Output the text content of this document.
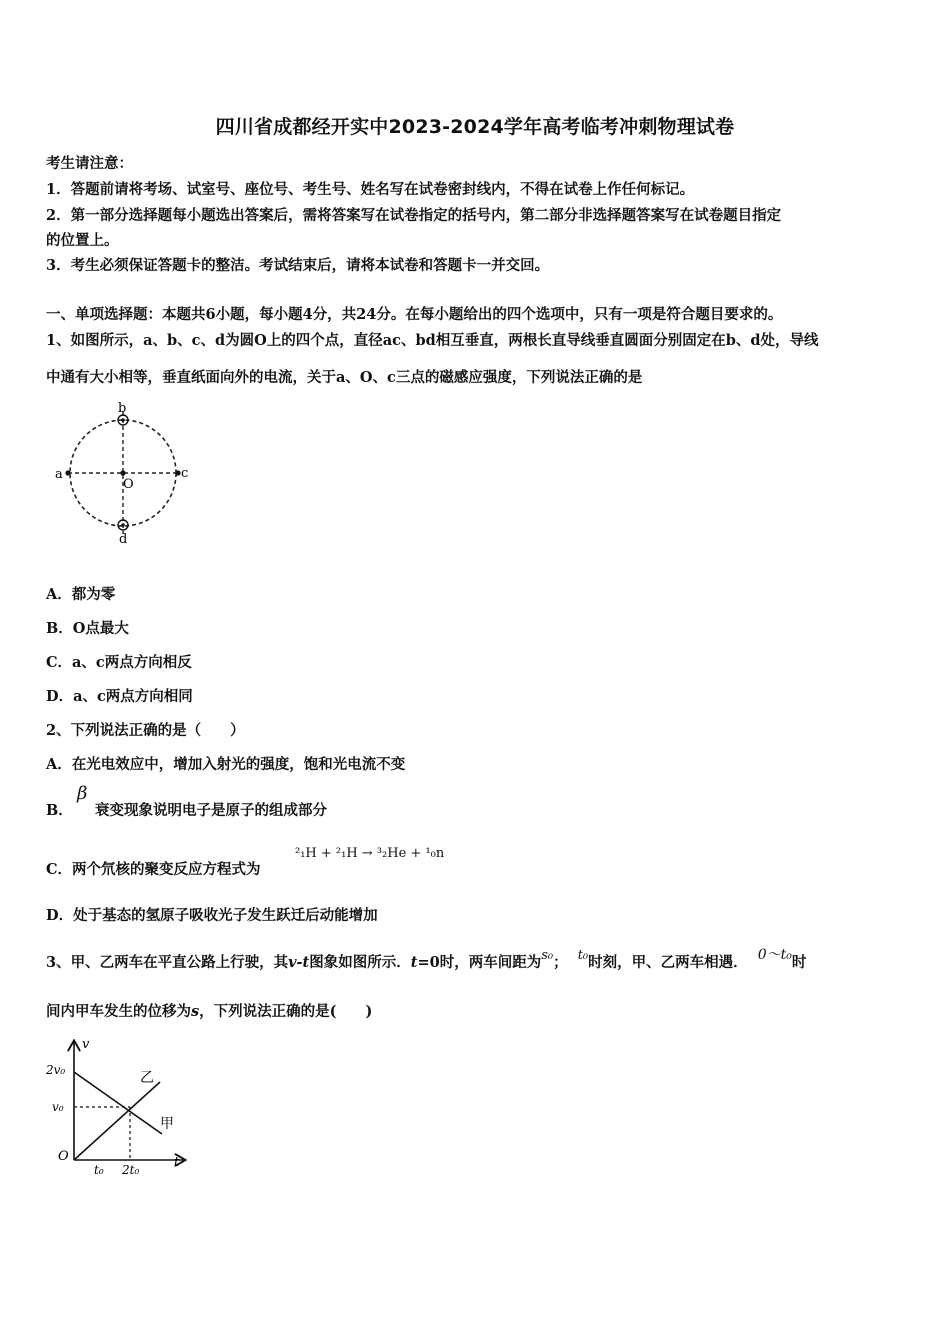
四川省成都经开实中2023-2024学年高考临考冲刺物理试卷
考生请注意：
1．答题前请将考场、试室号、座位号、考生号、姓名写在试卷密封线内，不得在试卷上作任何标记。
2．第一部分选择题每小题选出答案后，需将答案写在试卷指定的括号内，第二部分非选择题答案写在试卷题目指定
的位置上。
3．考生必须保证答题卡的整洁。考试结束后，请将本试卷和答题卡一并交回。
一、单项选择题：本题共6小题，每小题4分，共24分。在每小题给出的四个选项中，只有一项是符合题目要求的。
1、如图所示，a、b、c、d为圆O上的四个点，直径ac、bd相互垂直，两根长直导线垂直圆面分别固定在b、d处，导线
中通有大小相等，垂直纸面向外的电流，关于a、O、c三点的磁感应强度，下列说法正确的是
a
b
c
d
O
A．都为零
B．O点最大
C．a、c两点方向相反
D．a、c两点方向相同
2、下列说法正确的是（　　）
A．在光电效应中，增加入射光的强度，饱和光电流不变
B．
β
衰变现象说明电子是原子的组成部分
C．两个氘核的聚变反应方程式为
²₁H + ²₁H → ³₂He + ¹₀n
D．处于基态的氢原子吸收光子发生跃迁后动能增加
3、甲、乙两车在平直公路上行驶，其v-t图象如图所示．t=0时，两车间距为s₀； t₀时刻，甲、乙两车相遇． 0～t₀时
间内甲车发生的位移为s，下列说法正确的是(　　)
v
t
O
2v₀
v₀
t₀ 2t₀
乙
甲
